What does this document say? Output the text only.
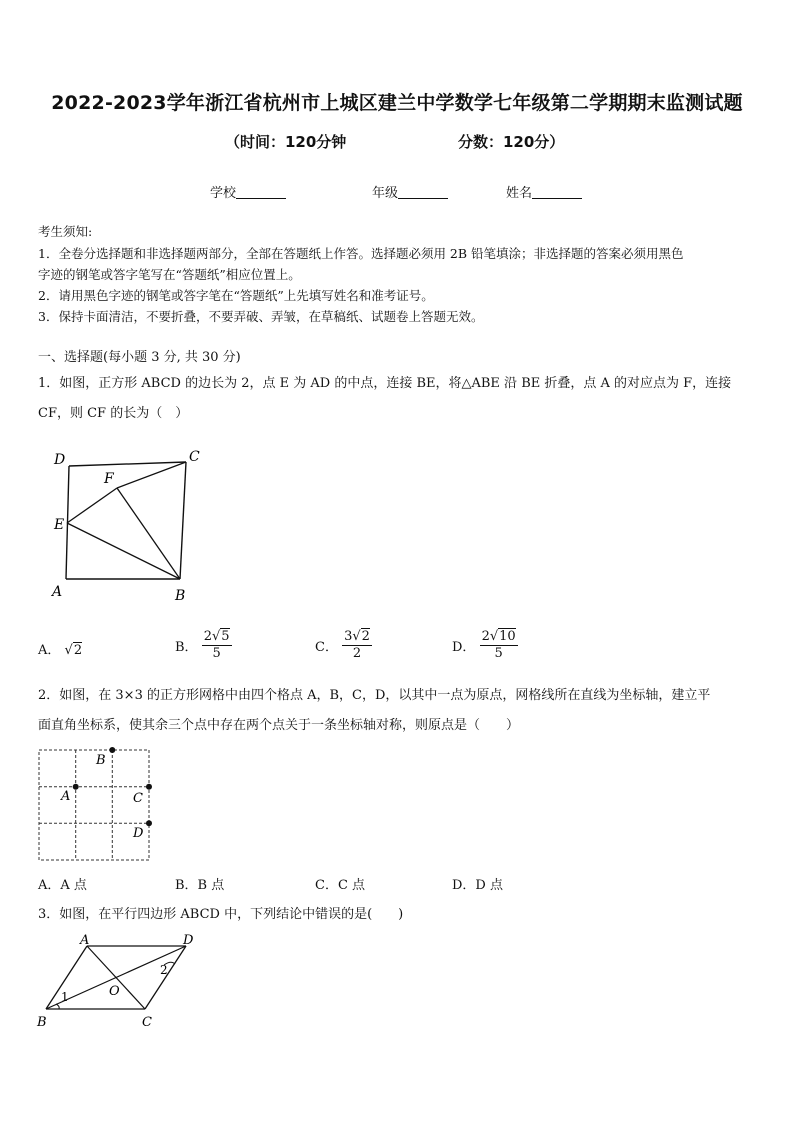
2022-2023学年浙江省杭州市上城区建兰中学数学七年级第二学期期末监测试题
（时间：120分钟	分数：120分）
学校	年级	姓名
考生须知:
1．全卷分选择题和非选择题两部分，全部在答题纸上作答。选择题必须用 2B 铅笔填涂；非选择题的答案必须用黑色
字迹的钢笔或答字笔写在“答题纸”相应位置上。
2．请用黑色字迹的钢笔或答字笔在“答题纸”上先填写姓名和准考证号。
3．保持卡面清洁，不要折叠，不要弄破、弄皱，在草稿纸、试题卷上答题无效。
一、选择题(每小题 3 分, 共 30 分)
1．如图，正方形 ABCD 的边长为 2，点 E 为 AD 的中点，连接 BE，将△ABE 沿 BE 折叠，点 A 的对应点为 F，连接
CF，则 CF 的长为（　）
D	C
F
E
A	B
A． √2	B． $\frac{2√5}{5}$	C． $\frac{3√2}{2}$	D． $\frac{2√10}{5}$
2．如图，在 3×3 的正方形网格中由四个格点 A，B，C，D，以其中一点为原点，网格线所在直线为坐标轴，建立平
面直角坐标系，使其余三个点中存在两个点关于一条坐标轴对称，则原点是（　　）
B
A	C
D
A．A 点	B．B 点	C．C 点	D．D 点
3．如图，在平行四边形 ABCD 中，下列结论中错误的是(　　)
A	D
B	C
O
1
2
